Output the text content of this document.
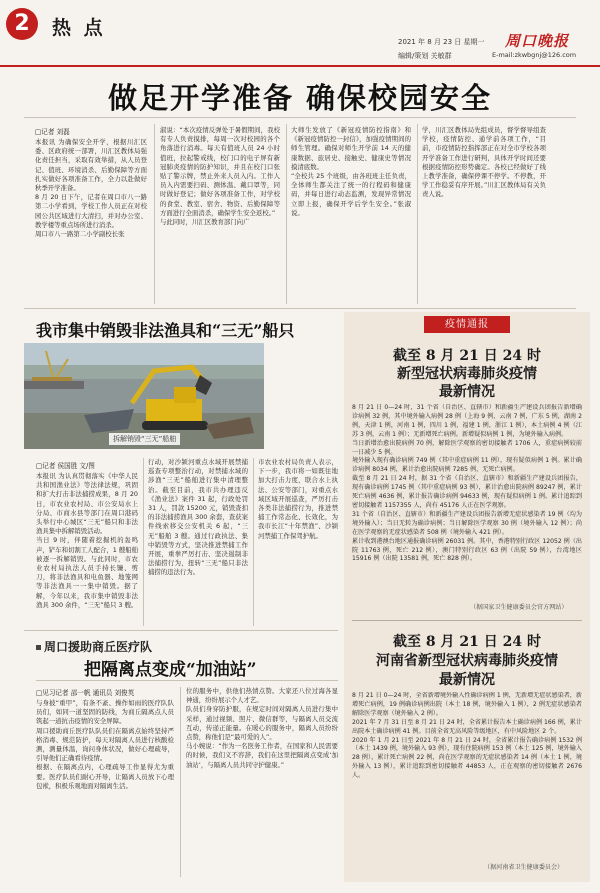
2	热 点
2021 年 8 月 23 日 星期一
编辑/策划 关敏群
周口晚报
E-mail:zkwbgnj@126.com
做足开学准备 确保校园安全
□记者 刘磊
本报讯 为确保安全开学，根据川汇区委、区政府统一部署，川汇区教体局强化责任担当，采取有效举措，从人员登记、值班、环境消杀、后勤保障等方面扎实做好各项准备工作，全力以赴做好秋季开学准备。
8 月 20 日下午，记者在周口市八一路第二小学看到，学校工作人员正在对校园公共区域进行大清扫，并对办公室、教学楼等重点场所进行消杀。
周口市八一路第二小学副校长张
淑说：“本次疫情反弹处于暑假期间，我校有专人负责摸排，每周一次对校园的各个角落进行消毒。每天有值班人员 24 小时值班，拉起警戒线，校门口的电子屏有新冠肺炎疫情的防护知识，并且在校门口张贴了警示牌，禁止外来人员入内。工作人员入内需要扫码、测体温、戴口罩等，同时做好登记；做好各项准备工作，对学校的食堂、教室、宿舍、物资、后勤保障等方面进行全面消杀，确保学生安全返校。”
与此同时，川汇区教育部门向广
大师生发放了《新冠疫情防控指南》和《新冠疫情防控一封信》，加强疫情期间的师生管理。确保对师生开学前 14 天的健康数据、旅居史、接触史、健康史等情况摸清底数。
“全校共 25 个班级，由各班班主任负责，全体师生都关注了统一的行程码和健康码，并每日进行动态监测，发现异常情况立即上报，确保开学后学生安全。”张淑说。
学，川汇区教体局先组成员，督学督导组查学校，疫情防控、通学前各项工作，“目前，市疫情防控指挥部正在对全市学校各项开学准备工作进行研判，具体开学时间还要根据疫情防控形势确定。各校已经做好了线上教学准备，确保停课不停学。不停教，开学工作稳妥有序开展。”川汇区教体局有关负责人说。
我市集中销毁非法渔具和“三无”船只
拆解销毁“三无”船舶
□记者 侯国胜 文/图
本报讯 为认真贯彻落实《中华人民共和国渔业法》等法律法规，巩固和扩大打击非法捕捞成果，8 月 20 日，市农业农村局、市公安局水上分局、市商水县等部门在周口港码头举行中心城区“三无”船只和非法渔具集中拆解销毁活动。
当日 9 时，伴随着挖掘机的轰鸣声，铲车和切割工人配合，1 艘船舶被逐一拆解销毁。与此同时，市农业农村局执法人员手持长镰、剪刀，将非法渔具和电鱼器、地笼网等非法渔具一一集中销毁。据了解，今年以来，我市集中销毁非法渔具 300 余件，“三无”船只 3 艘。
行动，对沙颍河重点水域开展禁捕巡查专项整治行动，对禁捕水域的涉渔“三无”船舶进行集中清理整治。截至目前，我市共办理违反《渔业法》案件 31 起，行政处罚 31 人，罚款 15200 元，销毁查扣的非法捕捞渔具 300 余套，查获案件线索移交公安机关 6 起，“三无”船舶 3 艘。通过行政执法、集中销毁等方式，坚决推进禁捕工作开展，重拳严厉打击、坚决遏制非法捕捞行为，扭转“三无”船只非法捕捞的违法行为。
市农业农村局负责人表示，下一步，我市将一如既往地加大打击力度，联合水上执法、公安等部门，对重点水域区域开展巡查，严厉打击各类非法捕捞行为，推进禁捕工作常态化、长效化，为我市长江“十年禁渔”、沙颍河禁捕工作保驾护航。
周口援助商丘医疗队
把隔离点变成“加油站”
□见习记者 邵一帆 通讯员 刘俊英
与身披“重甲”，有条不紊、操作如雨的医疗队队员们，如同一道坚固的防线，为商丘隔离点人员筑起一道抗击疫情的安全屏障。
周口援助商丘医疗队队员们在隔离点始终坚持严格消毒、规范防护，每天对隔离人员进行核酸检测，测量体温，询问身体状况，做好心理疏导，引导他们正确看待疫情。
根据、在隔离点内，心理疏导工作显得尤为重要。医疗队员们耐心开导，让隔离人员放下心理包袱，积极乐观地面对隔离生活。
位的服务中，供他们热情点赞。大家还八位过海各显神通，纷纷展示个人才艺。
队员们身穿防护服，在规定时间对隔离人员进行集中采样，通过视频、照片、微信群等，与隔离人员交流互动，传递正能量。在暖心的服务中，隔离人员纷纷点赞，称他们是“最可爱的人”。
马小婉说：“作为一名医务工作者，在国家和人民需要的时候，我们义不容辞，我们在这里把隔离点变成‘加油站’，与隔离人员共同守护健康。”
疫情通报
截至 8 月 21 日 24 时
新型冠状病毒肺炎疫情
最新情况
8 月 21 日 0—24 时，31 个省（自治区、直辖市）和新疆生产建设兵团报告新增确诊病例 32 例，其中境外输入病例 28 例（上海 9 例，云南 7 例，广东 5 例，湖南 2 例，天津 1 例，河南 1 例，四川 1 例，福建 1 例，浙江 1 例），本土病例 4 例（江苏 3 例，云南 1 例）；无新增死亡病例。新增疑似病例 1 例，为境外输入病例。
当日新增治愈出院病例 70 例，解除医学观察的密切接触者 1706 人，重症病例较前一日减少 5 例。
境外输入现有确诊病例 749 例（其中重症病例 11 例），现有疑似病例 1 例。累计确诊病例 8034 例，累计治愈出院病例 7285 例，无死亡病例。
截至 8 月 21 日 24 时，据 31 个省（自治区、直辖市）和新疆生产建设兵团报告，现有确诊病例 1745 例（其中重症病例 93 例），累计治愈出院病例 89247 例，累计死亡病例 4636 例，累计报告确诊病例 94633 例，现有疑似病例 1 例。累计追踪到密切接触者 1157355 人，尚有 45176 人正在医学观察。
31 个省（自治区、直辖市）和新疆生产建设兵团报告新增无症状感染者 19 例（均为境外输入）；当日无转为确诊病例；当日解除医学观察 30 例（境外输入 12 例）；尚在医学观察的无症状感染者 508 例（境外输入 421 例）。
累计收到港澳台地区通报确诊病例 26031 例。其中，香港特别行政区 12052 例（出院 11763 例，死亡 212 例），澳门特别行政区 63 例（出院 59 例），台湾地区 15916 例（出院 13581 例，死亡 828 例）。
（据国家卫生健康委员会官方网站）
截至 8 月 21 日 24 时
河南省新型冠状病毒肺炎疫情
最新情况
8 月 21 日 0—24 时，全省新增境外输入性确诊病例 1 例，无新增无症状感染者，新增死亡病例，19 例确诊病例出院（本土 18 例，境外输入 1 例），2 例无症状感染者解除医学观察（境外输入 2 例）。
2021 年 7 月 31 日至 8 月 21 日 24 时，全省累计报告本土确诊病例 166 例，累计出院本土确诊病例 41 例。目前全省无高风险等级地区，有中风险地区 2 个。
2020 年 1 月 21 日至 2021 年 8 月 21 日 24 时，全省累计报告确诊病例 1532 例（本土 1439 例，境外输入 93 例），现有住院病例 153 例（本土 125 例，境外输入 28 例），累计死亡病例 22 例，尚在医学观察的无症状感染者 14 例（本土 1 例，境外输入 13 例），累计追踪到密切接触者 44853 人，正在观察的密切接触者 2676 人。
（据河南省卫生健康委员会）
